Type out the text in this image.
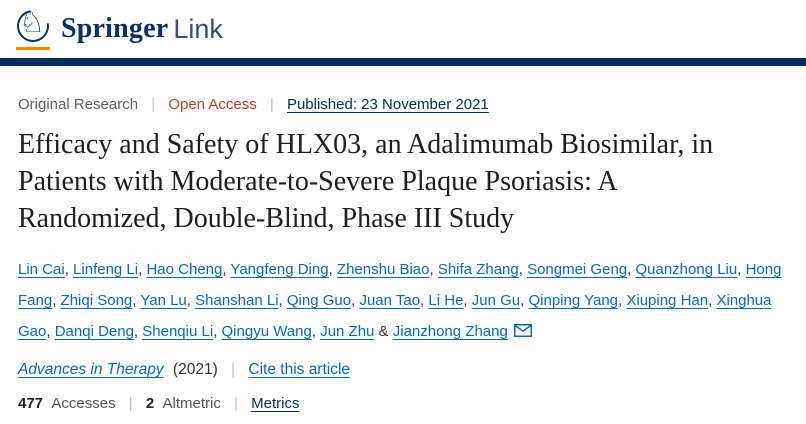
♘ Springer Link
Original Research | Open Access | Published: 23 November 2021
Efficacy and Safety of HLX03, an Adalimumab Biosimilar, in Patients with Moderate-to-Severe Plaque Psoriasis: A Randomized, Double-Blind, Phase III Study

Lin Cai, Linfeng Li, Hao Cheng, Yangfeng Ding, Zhenshu Biao, Shifa Zhang, Songmei Geng, Quanzhong Liu, Hong Fang, Zhiqi Song, Yan Lu, Shanshan Li, Qing Guo, Juan Tao, Li He, Jun Gu, Qinping Yang, Xiuping Han, Xinghua Gao, Danqi Deng, Shenqiu Li, Qingyu Wang, Jun Zhu & Jianzhong Zhang

Advances in Therapy (2021) | Cite this article
477 Accesses | 2 Altmetric | Metrics
